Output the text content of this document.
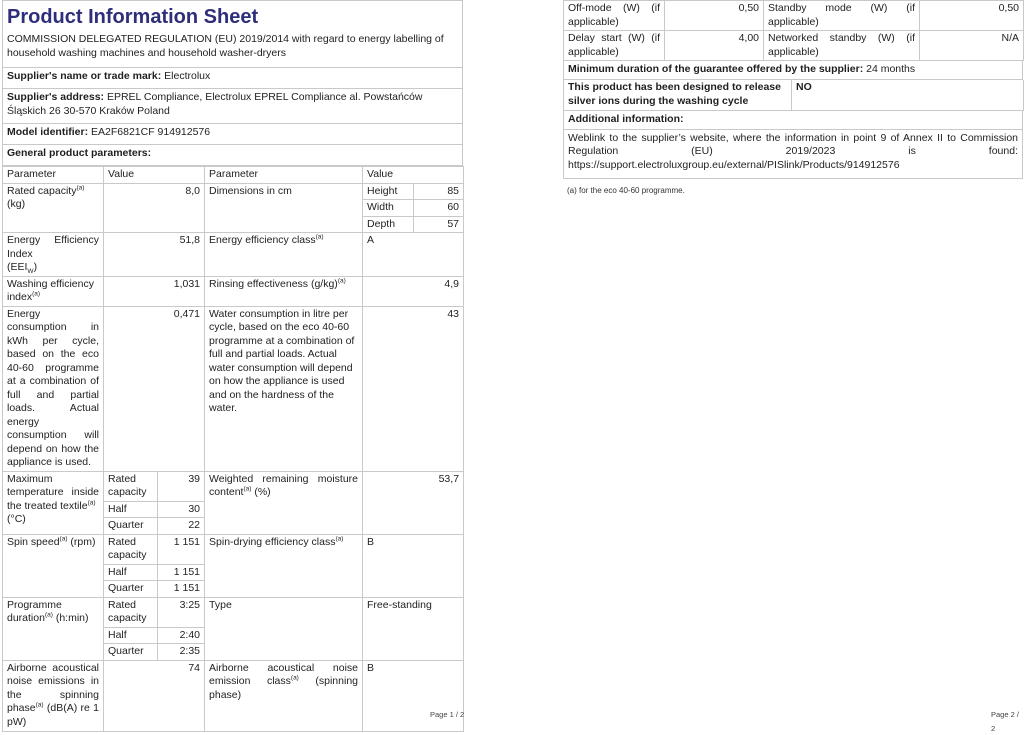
Product Information Sheet
COMMISSION DELEGATED REGULATION (EU) 2019/2014 with regard to energy labelling of household washing machines and household washer-dryers
Supplier's name or trade mark: Electrolux
Supplier's address: EPREL Compliance, Electrolux EPREL Compliance al. Powstańców Śląskich 26 30-570 Kraków Poland
Model identifier: EA2F6821CF 914912576
General product parameters:
Parameter	Value		Parameter	Value	
Rated capacity$^{(a)}$
(kg)	8,0		Dimensions in cm	Height	85
				Width	60
				Depth	57
Energy Efficiency Index
$(EEI_W)$	51,8		Energy efficiency class$^{(a)}$	A	
Washing efficiency index$^{(a)}$	1,031		Rinsing effectiveness $(g/kg)^{(a)}$	4,9	
Energy consumption in kWh per cycle, based on the eco 40-60 programme at a combination of full and partial loads. Actual energy consumption will depend on how the appliance is used.	0,471		Water consumption in litre per cycle, based on the eco 40-60 programme at a combination of full and partial loads. Actual water consumption will depend on how the appliance is used and on the hardness of the water.	43	
Maximum temperature inside the treated textile$^{(a)}$
(°C)	Rated capacity	39	Weighted remaining moisture content$^{(a)}$ (%)	53,7	
	Half	30			
	Quarter	22			
Spin speed$^{(a)}$ (rpm)	Rated capacity	1 151	Spin-drying efficiency class$^{(a)}$	B	
	Half	1 151			
	Quarter	1 151			
Programme duration$^{(a)}$ (h:min)	Rated capacity	3:25	Type	Free-standing	
	Half	2:40			
	Quarter	2:35			
Airborne acoustical noise emissions in the spinning phase$^{(a)}$ (dB(A) re 1 pW)	74		Airborne acoustical noise emission class$^{(a)}$ (spinning phase)	B	
Page 1 / 2
Off-mode (W) (if applicable)	0,50	Standby mode (W) (if applicable)	0,50
Delay start (W) (if applicable)	4,00	Networked standby (W) (if applicable)	N/A
Minimum duration of the guarantee offered by the supplier: 24 months
This product has been designed to release silver ions during the washing cycle	NO
Additional information:
Weblink to the supplier’s website, where the information in point 9 of Annex II to Commission Regulation (EU) 2019/2023 is found: https://support.electroluxgroup.eu/external/PISlink/Products/914912576
(a) for the eco 40-60 programme.
Page 2 / 2
